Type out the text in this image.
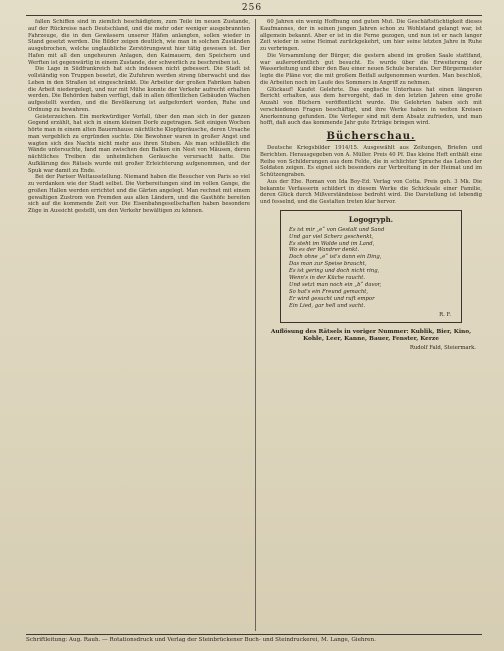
256

fallen Schiffen sind in ziemlich beschädigtem, zum Teile im neuen Zustande, auf der Rückreise nach Deutschland, und die mehr oder weniger ausgebrannten Fahrzeuge, die in den Gewässern unserer Häfen anlangten, sollen wieder in Stand gesetzt werden. Die Bilder zeigen deutlich, wie man in solchen Zuständen ausgebrochen, welche unglaubliche Zerstörungswut hier tätig gewesen ist. Der Hafen mit all den ungeheuren Anlagen, den Kaimauern, den Speichern und Werften ist gegenwärtig in einem Zustande, der schwerlich zu beschreiben ist.

Die Lage in Südfrankreich hat sich indessen nicht gebessert. Die Stadt ist vollständig von Truppen besetzt, die Zufuhren werden streng überwacht und das Leben in den Straßen ist eingeschränkt. Die Arbeiter der großen Fabriken haben die Arbeit niedergelegt, und nur mit Mühe konnte der Verkehr aufrecht erhalten werden. Die Behörden haben verfügt, daß in allen öffentlichen Gebäuden Wachen aufgestellt werden, und die Bevölkerung ist aufgefordert worden, Ruhe und Ordnung zu bewahren.

Geisterzeichen. Ein merkwürdiger Vorfall, über den man sich in der ganzen Gegend erzählt, hat sich in einem kleinen Dorfe zugetragen. Seit einigen Wochen hörte man in einem alten Bauernhause nächtliche Klopfgeräusche, deren Ursache man vergeblich zu ergründen suchte. Die Bewohner waren in großer Angst und wagten sich des Nachts nicht mehr aus ihren Stuben. Als man schließlich die Wände untersuchte, fand man zwischen den Balken ein Nest von Mäusen, deren nächtliches Treiben die unheimlichen Geräusche verursacht hatte. Die Aufklärung des Rätsels wurde mit großer Erleichterung aufgenommen, und der Spuk war damit zu Ende.

Bei der Pariser Weltausstellung. Niemand haben die Besucher von Paris so viel zu verdanken wie der Stadt selbst. Die Vorbereitungen sind im vollen Gange, die großen Hallen werden errichtet und die Gärten angelegt. Man rechnet mit einem gewaltigen Zustrom von Fremden aus allen Ländern, und die Gasthöfe bereiten sich auf die kommende Zeit vor. Die Eisenbahngesellschaften haben besondere Züge in Aussicht gestellt, um den Verkehr bewältigen zu können.

60 Jahren ein wenig Hoffnung und guten Mut. Die Geschäftstüchtigkeit dieses Kaufmannes, der in seinen jungen Jahren schon zu Wohlstand gelangt war, ist allgemein bekannt. Aber er ist in die Ferne gezogen, und nun ist er nach langer Zeit wieder in seine Heimat zurückgekehrt, um hier seine letzten Jahre in Ruhe zu verbringen.

Die Versammlung der Bürger, die gestern abend im großen Saale stattfand, war außerordentlich gut besucht. Es wurde über die Erweiterung der Wasserleitung und über den Bau einer neuen Schule beraten. Der Bürgermeister legte die Pläne vor, die mit großem Beifall aufgenommen wurden. Man beschloß, die Arbeiten noch im Laufe des Sommers in Angriff zu nehmen.

Glückauf! Kaufet Gelehrte. Das englische Unterhaus hat einen längeren Bericht erhalten, aus dem hervorgeht, daß in den letzten Jahren eine große Anzahl von Büchern veröffentlicht wurde. Die Gelehrten haben sich mit verschiedenen Fragen beschäftigt, und ihre Werke haben in weiten Kreisen Anerkennung gefunden. Die Verleger sind mit dem Absatz zufrieden, und man hofft, daß auch das kommende Jahr gute Erträge bringen wird.

Bücherschau.

Deutsche Kriegsbilder 1914/15. Ausgewählt aus Zeitungen, Briefen und Berichten. Herausgegeben von A. Müller. Preis 40 Pf. Das kleine Heft enthält eine Reihe von Schilderungen aus dem Felde, die in schlichter Sprache das Leben der Soldaten zeigen. Es eignet sich besonders zur Verbreitung in der Heimat und im Schützengraben.

Aus der Ehe. Roman von Ida Boy-Ed. Verlag von Cotta. Preis geh. 3 Mk. Die bekannte Verfasserin schildert in diesem Werke die Schicksale einer Familie, deren Glück durch Mißverständnisse bedroht wird. Die Darstellung ist lebendig und fesselnd, und die Gestalten treten klar hervor.

Logogryph.
Es ist mir „e“ von Gestalt und Sand
Und gar viel Scherz geschenkt,
Es steht im Walde und im Land,
Wo es der Wandrer denkt.
Doch ohne „e“ ist's dann ein Ding,
Das man zur Speise braucht,
Es ist gering und doch nicht ring,
Wenn's in der Küche raucht.
Und setzt man noch ein „b“ davor,
So hat's ein Freund gemacht,
Er wird gesucht und ruft empor
Ein Lied, gar hell und sacht.
R. F.
Auflösung des Rätsels in voriger Nummer: Kublik, Bier, Kino, Kohle, Leer, Kanne, Bauer, Fenster, Kerze
Rudolf Fald, Steiermark.
Schriftleitung: Aug. Rauh. — Rotationsdruck und Verlag der Steinbrückener Buch- und Steindruckerei, M. Lange, Giehren.
